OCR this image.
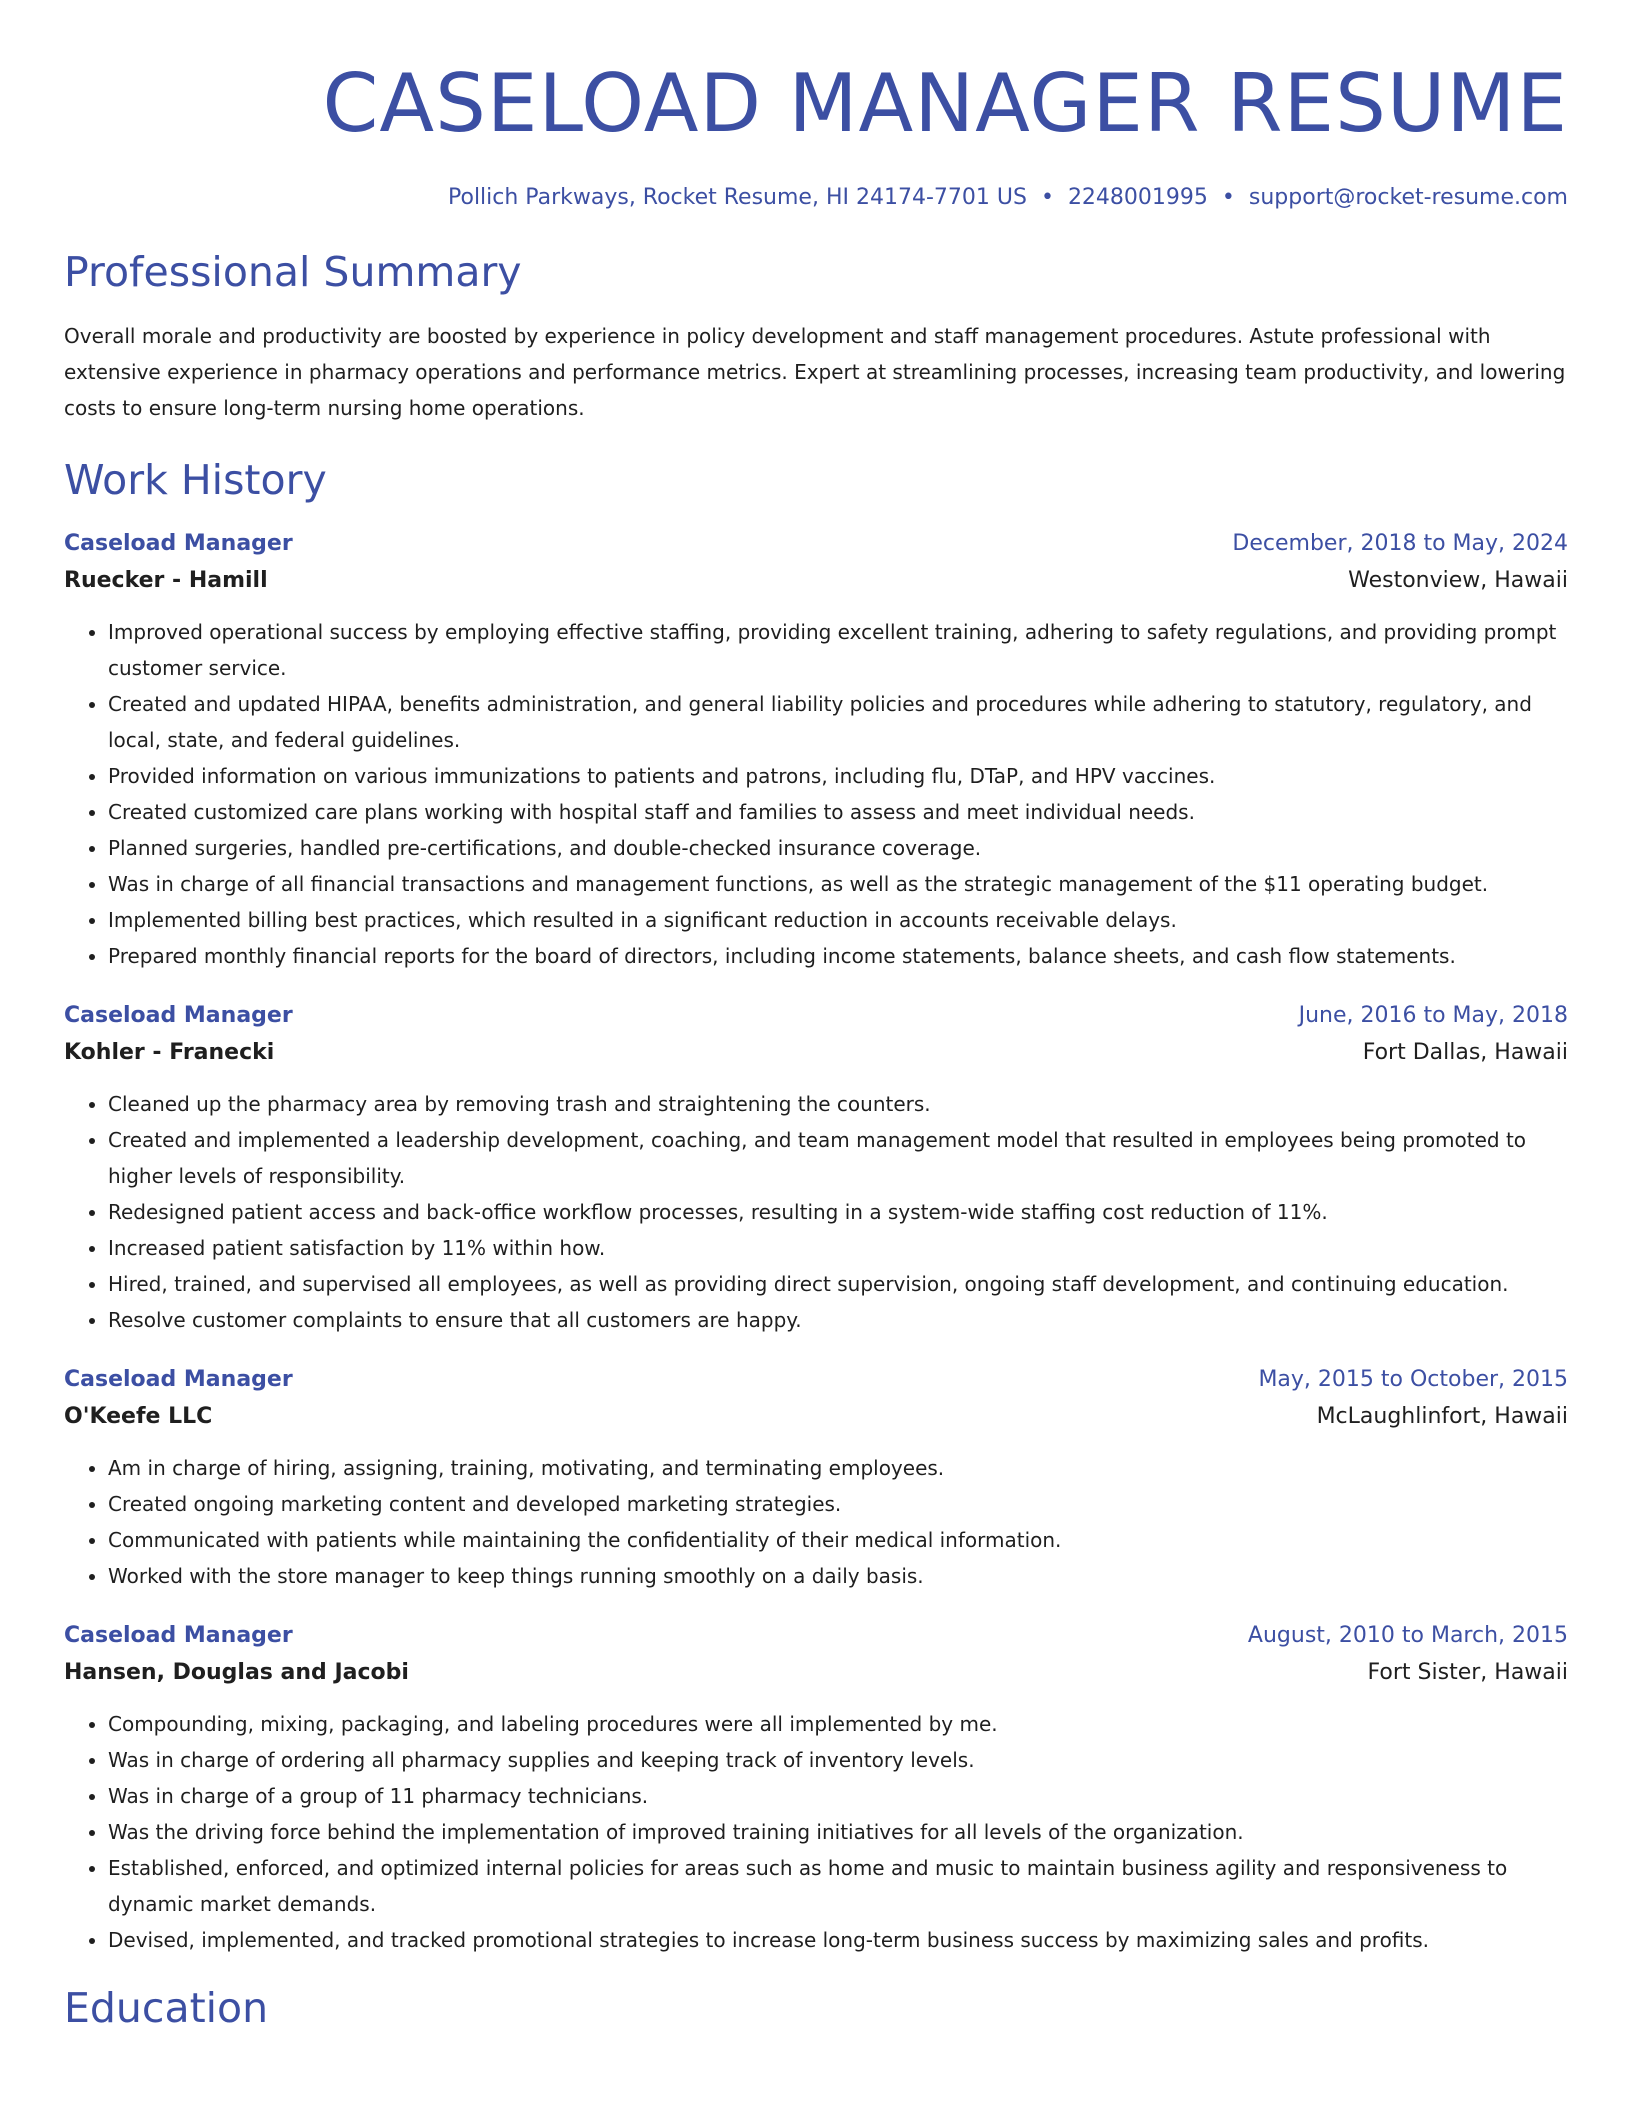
CASELOAD MANAGER RESUME
Pollich Parkways, Rocket Resume, HI 24174-7701 US • 2248001995 • support@rocket-resume.com
Professional Summary
Overall morale and productivity are boosted by experience in policy development and staff management procedures. Astute professional with extensive experience in pharmacy operations and performance metrics. Expert at streamlining processes, increasing team productivity, and lowering costs to ensure long-term nursing home operations.
Work History
Caseload Manager	December, 2018 to May, 2024
Ruecker - Hamill	Westonview, Hawaii
• Improved operational success by employing effective staffing, providing excellent training, adhering to safety regulations, and providing prompt customer service.
• Created and updated HIPAA, benefits administration, and general liability policies and procedures while adhering to statutory, regulatory, and local, state, and federal guidelines.
• Provided information on various immunizations to patients and patrons, including flu, DTaP, and HPV vaccines.
• Created customized care plans working with hospital staff and families to assess and meet individual needs.
• Planned surgeries, handled pre-certifications, and double-checked insurance coverage.
• Was in charge of all financial transactions and management functions, as well as the strategic management of the $11 operating budget.
• Implemented billing best practices, which resulted in a significant reduction in accounts receivable delays.
• Prepared monthly financial reports for the board of directors, including income statements, balance sheets, and cash flow statements.
Caseload Manager	June, 2016 to May, 2018
Kohler - Franecki	Fort Dallas, Hawaii
• Cleaned up the pharmacy area by removing trash and straightening the counters.
• Created and implemented a leadership development, coaching, and team management model that resulted in employees being promoted to higher levels of responsibility.
• Redesigned patient access and back-office workflow processes, resulting in a system-wide staffing cost reduction of 11%.
• Increased patient satisfaction by 11% within how.
• Hired, trained, and supervised all employees, as well as providing direct supervision, ongoing staff development, and continuing education.
• Resolve customer complaints to ensure that all customers are happy.
Caseload Manager	May, 2015 to October, 2015
O'Keefe LLC	McLaughlinfort, Hawaii
• Am in charge of hiring, assigning, training, motivating, and terminating employees.
• Created ongoing marketing content and developed marketing strategies.
• Communicated with patients while maintaining the confidentiality of their medical information.
• Worked with the store manager to keep things running smoothly on a daily basis.
Caseload Manager	August, 2010 to March, 2015
Hansen, Douglas and Jacobi	Fort Sister, Hawaii
• Compounding, mixing, packaging, and labeling procedures were all implemented by me.
• Was in charge of ordering all pharmacy supplies and keeping track of inventory levels.
• Was in charge of a group of 11 pharmacy technicians.
• Was the driving force behind the implementation of improved training initiatives for all levels of the organization.
• Established, enforced, and optimized internal policies for areas such as home and music to maintain business agility and responsiveness to dynamic market demands.
• Devised, implemented, and tracked promotional strategies to increase long-term business success by maximizing sales and profits.
Education
